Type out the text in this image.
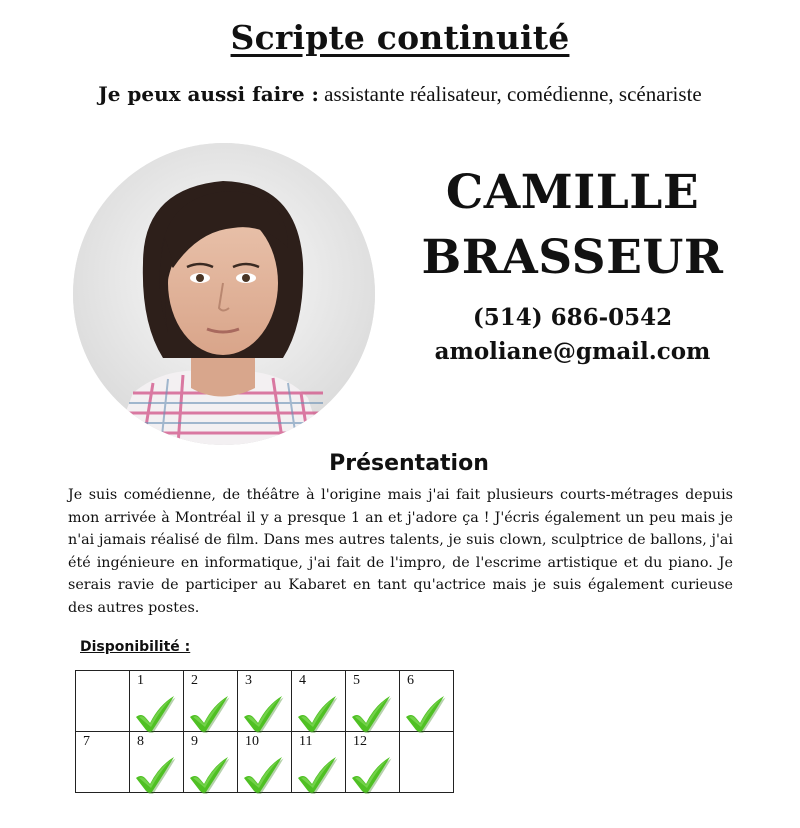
Scripte continuité
Je peux aussi faire : assistante réalisateur, comédienne, scénariste
CAMILLE
BRASSEUR
(514) 686-0542
amoliane@gmail.com
Présentation
Je suis comédienne, de théâtre à l'origine mais j'ai fait plusieurs courts-métrages depuis mon arrivée à Montréal il y a presque 1 an et j'adore ça ! J'écris également un peu mais je n'ai jamais réalisé de film. Dans mes autres talents, je suis clown, sculptrice de ballons, j'ai été ingénieure en informatique, j'ai fait de l'impro, de l'escrime artistique et du piano. Je serais ravie de participer au Kabaret en tant qu'actrice mais je suis également curieuse des autres postes.
Disponibilité :

	1	2	3	4	5	6

7	8	9	10	11	12	
